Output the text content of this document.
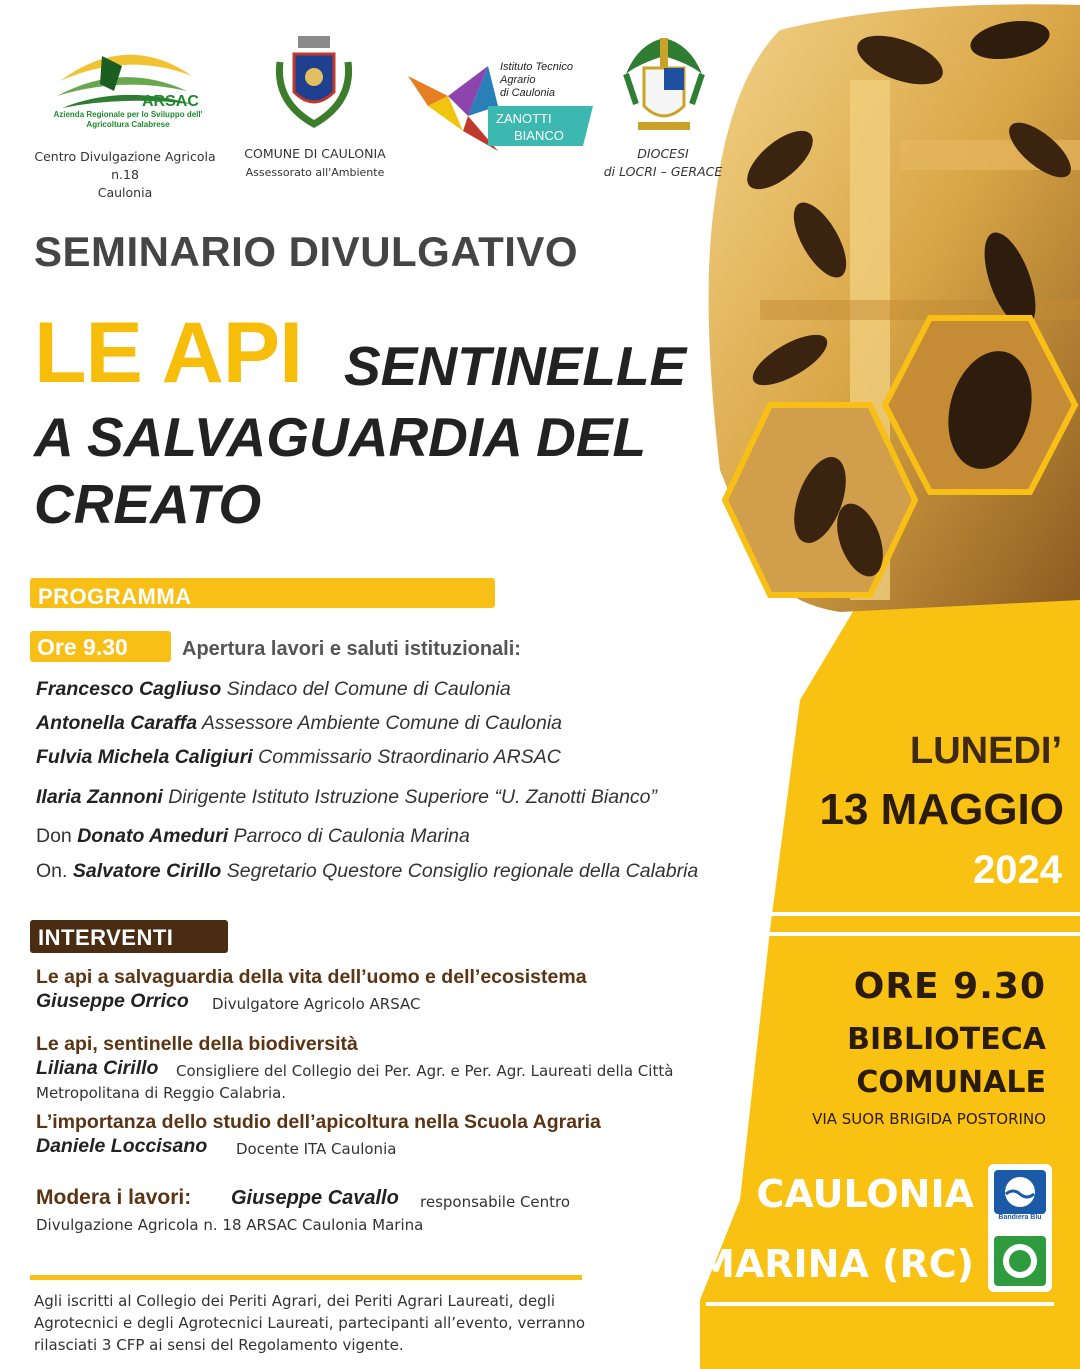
ARSAC
Azienda Regionale per lo Sviluppo dell' Agricoltura Calabrese
Centro Divulgazione Agricola n.18
Caulonia
COMUNE DI CAULONIA
Assessorato all'Ambiente
Istituto Tecnico
Agrario
di Caulonia
ZANOTTI
BIANCO
DIOCESI
di LOCRI – GERACE
SEMINARIO DIVULGATIVO
LE API SENTINELLE
A SALVAGUARDIA DEL
CREATO
PROGRAMMA
Ore 9.30	Apertura lavori e saluti istituzionali:
Francesco Cagliuso Sindaco del Comune di Caulonia
Antonella Caraffa Assessore Ambiente Comune di Caulonia
Fulvia Michela Caligiuri Commissario Straordinario ARSAC
Ilaria Zannoni Dirigente Istituto Istruzione Superiore “U. Zanotti Bianco”
Don Donato Ameduri Parroco di Caulonia Marina
On. Salvatore Cirillo Segretario Questore Consiglio regionale della Calabria
INTERVENTI
Le api a salvaguardia della vita dell’uomo e dell’ecosistema
Giuseppe Orrico Divulgatore Agricolo ARSAC
Le api, sentinelle della biodiversità
Liliana Cirillo Consigliere del Collegio dei Per. Agr. e Per. Agr. Laureati della Città
Metropolitana di Reggio Calabria.
L’importanza dello studio dell’apicoltura nella Scuola Agraria
Daniele Loccisano Docente ITA Caulonia
Modera i lavori: Giuseppe Cavallo responsabile Centro
Divulgazione Agricola n. 18 ARSAC Caulonia Marina
Agli iscritti al Collegio dei Periti Agrari, dei Periti Agrari Laureati, degli Agrotecnici e degli Agrotecnici Laureati, partecipanti all’evento, verranno rilasciati 3 CFP ai sensi del Regolamento vigente.
LUNEDI’
13 MAGGIO
2024
ORE 9.30
BIBLIOTECA
COMUNALE
VIA SUOR BRIGIDA POSTORINO
CAULONIA
MARINA (RC)
Bandiera Blu
